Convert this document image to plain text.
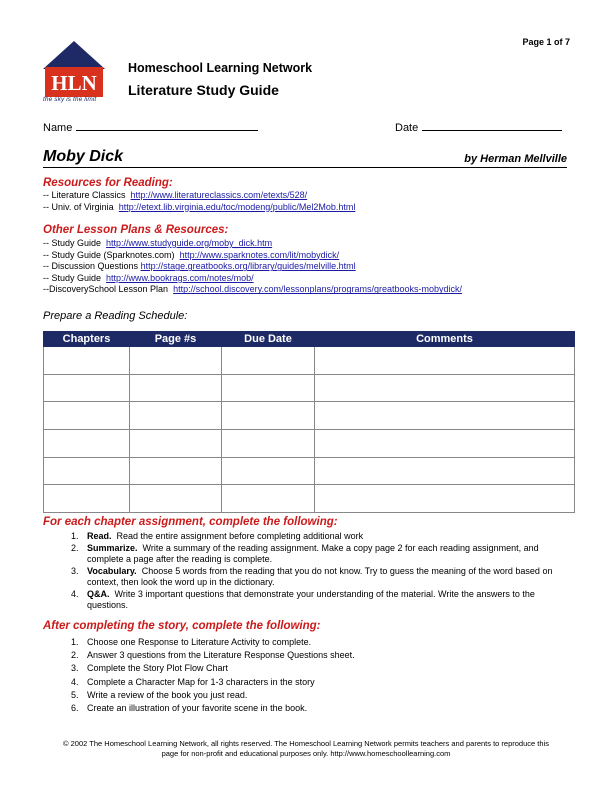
Page 1 of 7
HLN
the sky is the limit
Homeschool Learning Network
Literature Study Guide
Name	Date
Moby Dick	by Herman Mellville
Resources for Reading:
-- Literature Classics http://www.literatureclassics.com/etexts/528/
-- Univ. of Virginia http://etext.lib.virginia.edu/toc/modeng/public/Mel2Mob.html
Other Lesson Plans & Resources:
-- Study Guide http://www.studyguide.org/moby_dick.htm
-- Study Guide (Sparknotes.com) http://www.sparknotes.com/lit/mobydick/
-- Discussion Questions http://stage.greatbooks.org/library/guides/melville.html
-- Study Guide http://www.bookrags.com/notes/mob/
--DiscoverySchool Lesson Plan http://school.discovery.com/lessonplans/programs/greatbooks-mobydick/
Prepare a Reading Schedule:
Chapters	Page #s	Due Date	Comments

For each chapter assignment, complete the following:
1. Read. Read the entire assignment before completing additional work
2. Summarize. Write a summary of the reading assignment. Make a copy page 2 for each reading assignment, and complete a page after the reading is complete.
3. Vocabulary. Choose 5 words from the reading that you do not know. Try to guess the meaning of the word based on context, then look the word up in the dictionary.
4. Q&A. Write 3 important questions that demonstrate your understanding of the material. Write the answers to the questions.
After completing the story, complete the following:
1. Choose one Response to Literature Activity to complete.
2. Answer 3 questions from the Literature Response Questions sheet.
3. Complete the Story Plot Flow Chart
4. Complete a Character Map for 1-3 characters in the story
5. Write a review of the book you just read.
6. Create an illustration of your favorite scene in the book.
© 2002 The Homeschool Learning Network, all rights reserved. The Homeschool Learning Network permits teachers and parents to reproduce this
page for non-profit and educational purposes only. http://www.homeschoollearning.com
